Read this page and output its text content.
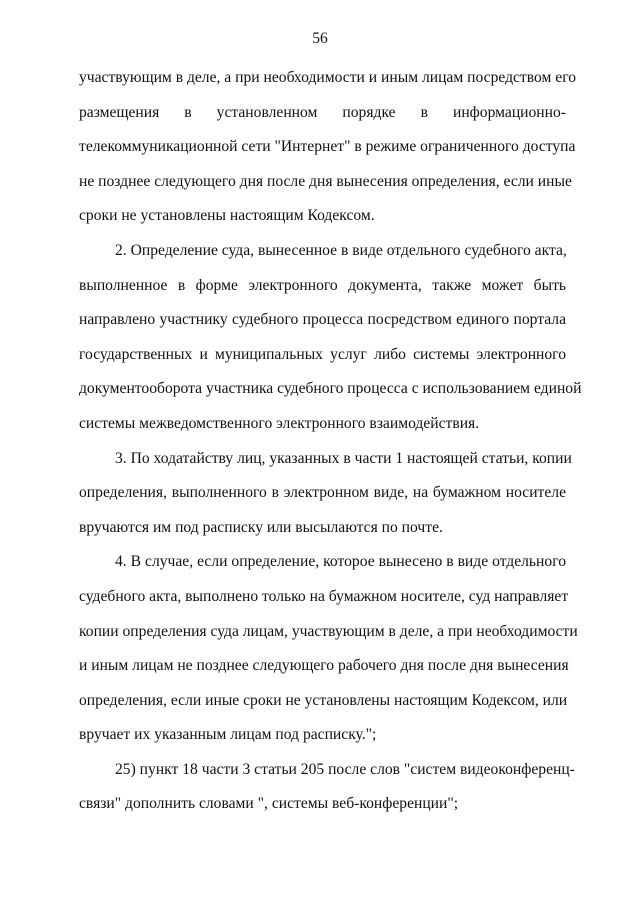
56
участвующим в деле, а при необходимости и иным лицам посредством его
размещения в установленном порядке в информационно-
телекоммуникационной сети "Интернет" в режиме ограниченного доступа
не позднее следующего дня после дня вынесения определения, если иные
сроки не установлены настоящим Кодексом.
2. Определение суда, вынесенное в виде отдельного судебного акта,
выполненное в форме электронного документа, также может быть
направлено участнику судебного процесса посредством единого портала
государственных и муниципальных услуг либо системы электронного
документооборота участника судебного процесса с использованием единой
системы межведомственного электронного взаимодействия.
3. По ходатайству лиц, указанных в части 1 настоящей статьи, копии
определения, выполненного в электронном виде, на бумажном носителе
вручаются им под расписку или высылаются по почте.
4. В случае, если определение, которое вынесено в виде отдельного
судебного акта, выполнено только на бумажном носителе, суд направляет
копии определения суда лицам, участвующим в деле, а при необходимости
и иным лицам не позднее следующего рабочего дня после дня вынесения
определения, если иные сроки не установлены настоящим Кодексом, или
вручает их указанным лицам под расписку.";
25) пункт 18 части 3 статьи 205 после слов "систем видеоконференц-
связи" дополнить словами ", системы веб-конференции";
